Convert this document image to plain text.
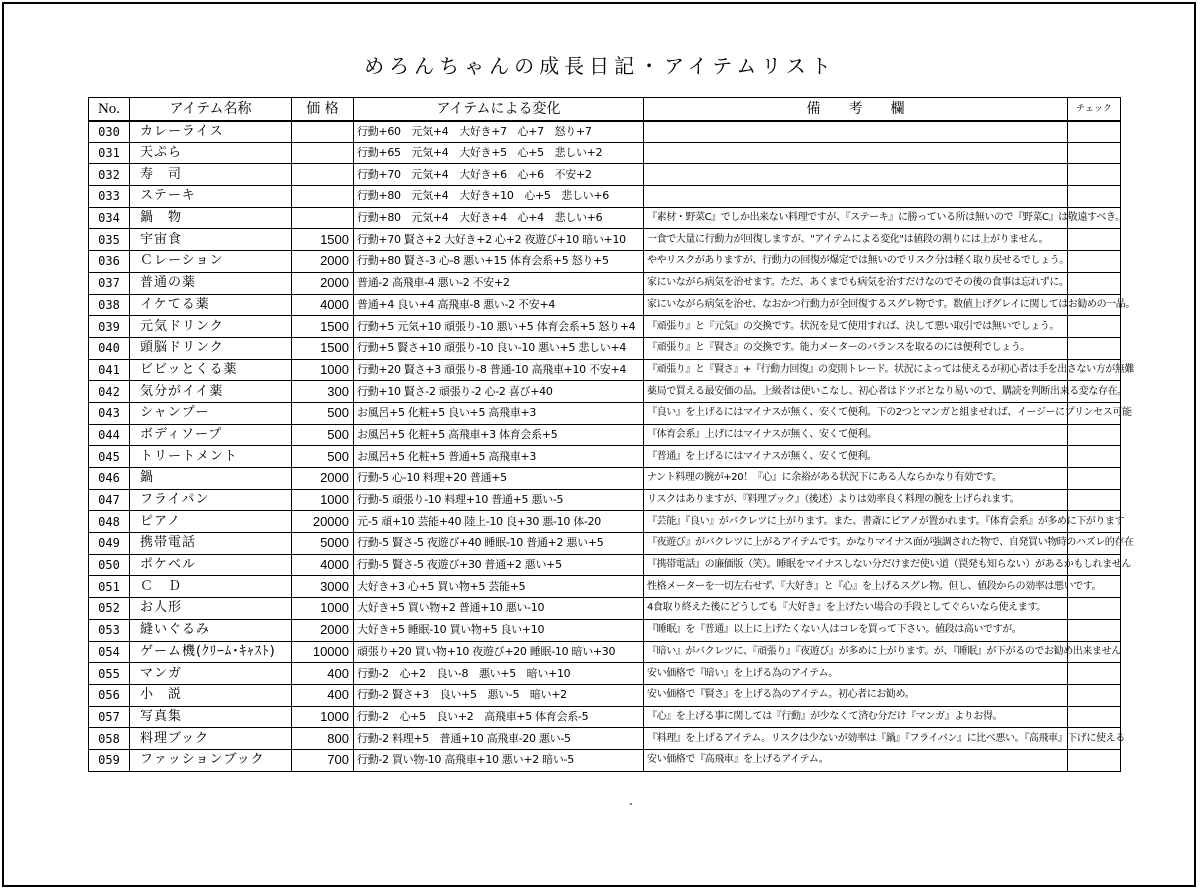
めろんちゃんの成長日記・アイテムリスト
No.	アイテム名称	価 格	アイテムによる変化	備　　考　　欄	チェック
030	カレーライス		行動+60　元気+4　大好き+7　心+7　怒り+7		
031	天ぷら		行動+65　元気+4　大好き+5　心+5　悲しい+2		
032	寿　司		行動+70　元気+4　大好き+6　心+6　不安+2		
033	ステーキ		行動+80　元気+4　大好き+10　心+5　悲しい+6		
034	鍋　物		行動+80　元気+4　大好き+4　心+4　悲しい+6	『素材・野菜C』でしか出来ない料理ですが、『ステーキ』に勝っている所は無いので『野菜C』は敬遠すべき。	
035	宇宙食	1500	行動+70 賢さ+2 大好き+2 心+2 夜遊び+10 暗い+10	一食で大量に行動力が回復しますが、"アイテムによる変化"は値段の割りには上がりません。	
036	Ｃレーション	2000	行動+80 賢さ-3 心-8 悪い+15 体育会系+5 怒り+5	ややリスクがありますが、行動力の回復が爆定では無いのでリスク分は軽く取り戻せるでしょう。	
037	普通の薬	2000	普通-2 高飛車-4 悪い-2 不安+2	家にいながら病気を治せます。ただ、あくまでも病気を治すだけなのでその後の食事は忘れずに。	
038	イケてる薬	4000	普通+4 良い+4 高飛車-8 悪い-2 不安+4	家にいながら病気を治せ、なおかつ行動力が全回復するスグレ物です。数値上げグレイに関してはお勧めの一品。	
039	元気ドリンク	1500	行動+5 元気+10 頑張り-10 悪い+5 体育会系+5 怒り+4	『頑張り』と『元気』の交換です。状況を見て使用すれば、決して悪い取引では無いでしょう。	
040	頭脳ドリンク	1500	行動+5 賢さ+10 頑張り-10 良い-10 悪い+5 悲しい+4	『頑張り』と『賢さ』の交換です。能力メーターのバランスを取るのには便利でしょう。	
041	ビビッとくる薬	1000	行動+20 賢さ+3 頑張り-8 普通-10 高飛車+10 不安+4	『頑張り』と『賢さ』+『行動力回復』の変則トレード。状況によっては使えるが初心者は手を出さない方が無難	
042	気分がイイ薬	300	行動+10 賢さ-2 頑張り-2 心-2 喜び+40	薬局で買える最安価の品。上級者は使いこなし、初心者はドツボとなり易いので、購読を判断出来る変な存在。	
043	シャンプー	500	お風呂+5 化粧+5 良い+5 高飛車+3	『良い』を上げるにはマイナスが無く、安くて便利。下の2つとマンガと組ませれば、イージーにプリンセス可能	
044	ボディソープ	500	お風呂+5 化粧+5 高飛車+3 体育会系+5	『体育会系』上げにはマイナスが無く、安くて便利。	
045	トリートメント	500	お風呂+5 化粧+5 普通+5 高飛車+3	『普通』を上げるにはマイナスが無く、安くて便利。	
046	鍋	2000	行動-5 心-10 料理+20 普通+5	ナント料理の腕が+20！『心』に余裕がある状況下にある人ならかなり有効です。	
047	フライパン	1000	行動-5 頑張り-10 料理+10 普通+5 悪い-5	リスクはありますが、『料理ブック』（後述）よりは効率良く料理の腕を上げられます。	
048	ピアノ	20000	元-5 頑+10 芸能+40 陸上-10 良+30 悪-10 体-20	『芸能』『良い』がバクレツに上がります。また、書斎にピアノが置かれます。『体育会系』が多めに下がります	
049	携帯電話	5000	行動-5 賢さ-5 夜遊び+40 睡眠-10 普通+2 悪い+5	『夜遊び』がバクレツに上がるアイテムです。かなりマイナス面が強調された物で、自発買い物時のハズレ的存在	
050	ポケベル	4000	行動-5 賢さ-5 夜遊び+30 普通+2 悪い+5	『携帯電話』の廉価版（笑）。睡眠をマイナスしない分だけまだ使い道（罠発も知らない）があるかもしれません	
051	Ｃ　Ｄ	3000	大好き+3 心+5 買い物+5 芸能+5	性格メーターを一切左右せず、『大好き』と『心』を上げるスグレ物。但し、値段からの効率は悪いです。	
052	お人形	1000	大好き+5 買い物+2 普通+10 悪い-10	4食取り終えた後にどうしても『大好き』を上げたい場合の手段としてぐらいなら使えます。	
053	縫いぐるみ	2000	大好き+5 睡眠-10 買い物+5 良い+10	『睡眠』を『普通』以上に上げたくない人はコレを買って下さい。値段は高いですが。	
054	ゲーム機(ｸﾘｰﾑ･ｷｬｽﾄ)	10000	頑張り+20 買い物+10 夜遊び+20 睡眠-10 暗い+30	『暗い』がバクレツに、『頑張り』『夜遊び』が多めに上がります。が、『睡眠』が下がるのでお勧め出来ません	
055	マンガ	400	行動-2　心+2　良い-8　悪い+5　暗い+10	安い価格で『暗い』を上げる為のアイテム。	
056	小　説	400	行動-2 賢さ+3　良い+5　悪い-5　暗い+2	安い価格で『賢さ』を上げる為のアイテム。初心者にお勧め。	
057	写真集	1000	行動-2　心+5　良い+2　高飛車+5 体育会系-5	『心』を上げる事に関しては『行動』が少なくて済む分だけ『マンガ』よりお得。	
058	料理ブック	800	行動-2 料理+5　普通+10 高飛車-20 悪い-5	『料理』を上げるアイテム。リスクは少ないが効率は『鍋』『フライパン』に比べ悪い。『高飛車』下げに使える	
059	ファッションブック	700	行動-2 買い物-10 高飛車+10 悪い+2 暗い-5	安い価格で『高飛車』を上げるアイテム。	
